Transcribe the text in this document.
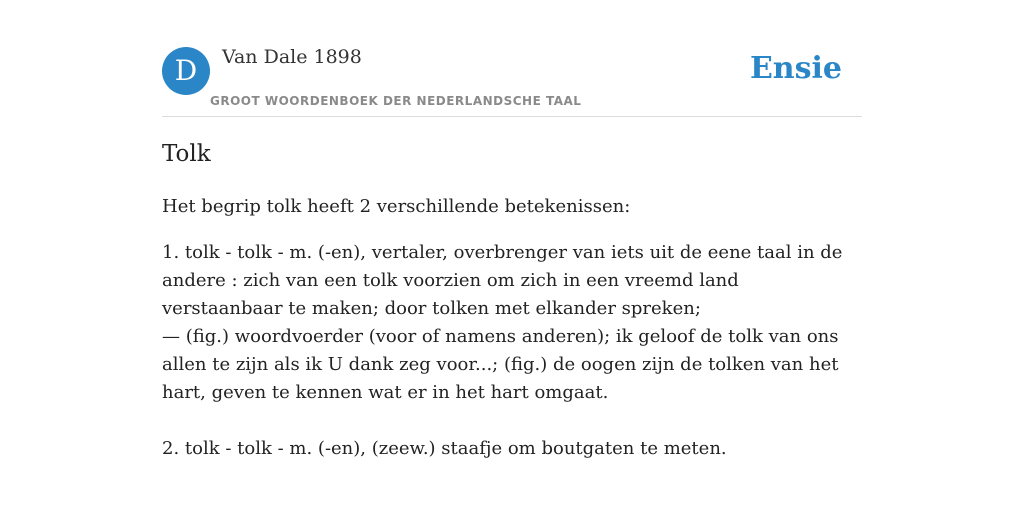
D	Van Dale 1898
GROOT WOORDENBOEK DER NEDERLANDSCHE TAAL
Ensie
Tolk

Het begrip tolk heeft 2 verschillende betekenissen:

1. tolk - tolk - m. (-en), vertaler, overbrenger van iets uit de eene taal in de andere : zich van een tolk voorzien om zich in een vreemd land verstaanbaar te maken; door tolken met elkander spreken;

— (fig.) woordvoerder (voor of namens anderen); ik geloof de tolk van ons allen te zijn als ik U dank zeg voor...; (fig.) de oogen zijn de tolken van het hart, geven te kennen wat er in het hart omgaat.

2. tolk - tolk - m. (-en), (zeew.) staafje om boutgaten te meten.
